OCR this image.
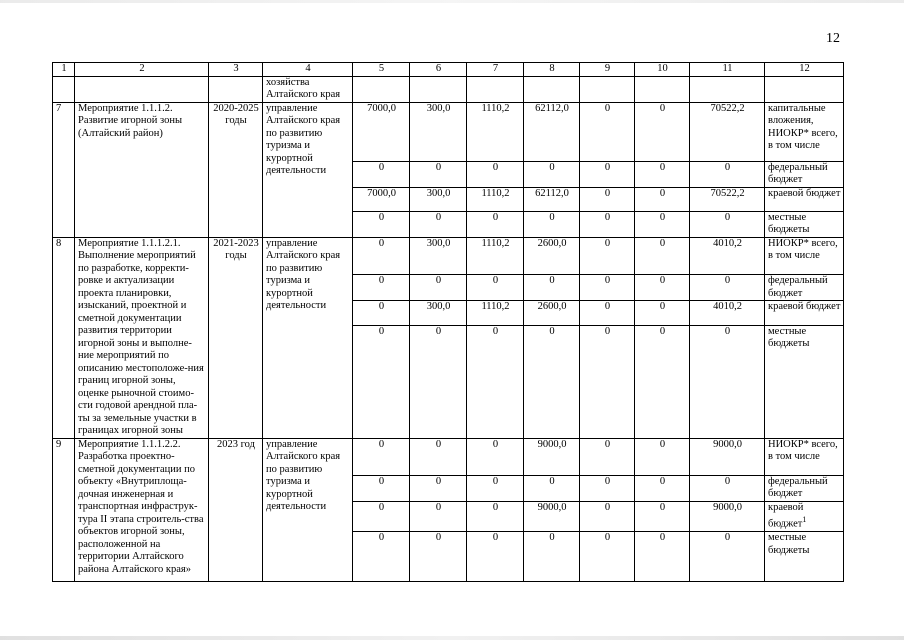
12
1	2	3	4	5	6	7	8	9	10	11	12
			хозяйства Алтайского края								
7	Мероприятие 1.1.1.2. Развитие игорной зоны (Алтайский район)	2020-2025 годы	управление Алтайского края по развитию туризма и курортной деятельности	7000,0	300,0	1110,2	62112,0	0	0	70522,2	капитальные вложения, НИОКР* всего, в том числе
				0	0	0	0	0	0	0	федеральный бюджет
				7000,0	300,0	1110,2	62112,0	0	0	70522,2	краевой бюджет
				0	0	0	0	0	0	0	местные бюджеты
8	Мероприятие 1.1.1.2.1. Выполнение мероприятий по разработке, корректи-ровке и актуализации проекта планировки, изысканий, проектной и сметной документации развития территории игорной зоны и выполне-ние мероприятий по описанию местоположе-ния границ игорной зоны, оценке рыночной стоимо-сти годовой арендной пла-ты за земельные участки в границах игорной зоны	2021-2023 годы	управление Алтайского края по развитию туризма и курортной деятельности	0	300,0	1110,2	2600,0	0	0	4010,2	НИОКР* всего, в том числе
				0	0	0	0	0	0	0	федеральный бюджет
				0	300,0	1110,2	2600,0	0	0	4010,2	краевой бюджет
				0	0	0	0	0	0	0	местные бюджеты
9	Мероприятие 1.1.1.2.2. Разработка проектно-сметной документации по объекту «Внутриплоща-дочная инженерная и транспортная инфраструк-тура II этапа строитель-ства объектов игорной зоны, расположенной на территории Алтайского района Алтайского края»	2023 год	управление Алтайского края по развитию туризма и курортной деятельности	0	0	0	9000,0	0	0	9000,0	НИОКР* всего, в том числе
				0	0	0	0	0	0	0	федеральный бюджет
				0	0	0	9000,0	0	0	9000,0	краевой бюджет$^1$
				0	0	0	0	0	0	0	местные бюджеты
